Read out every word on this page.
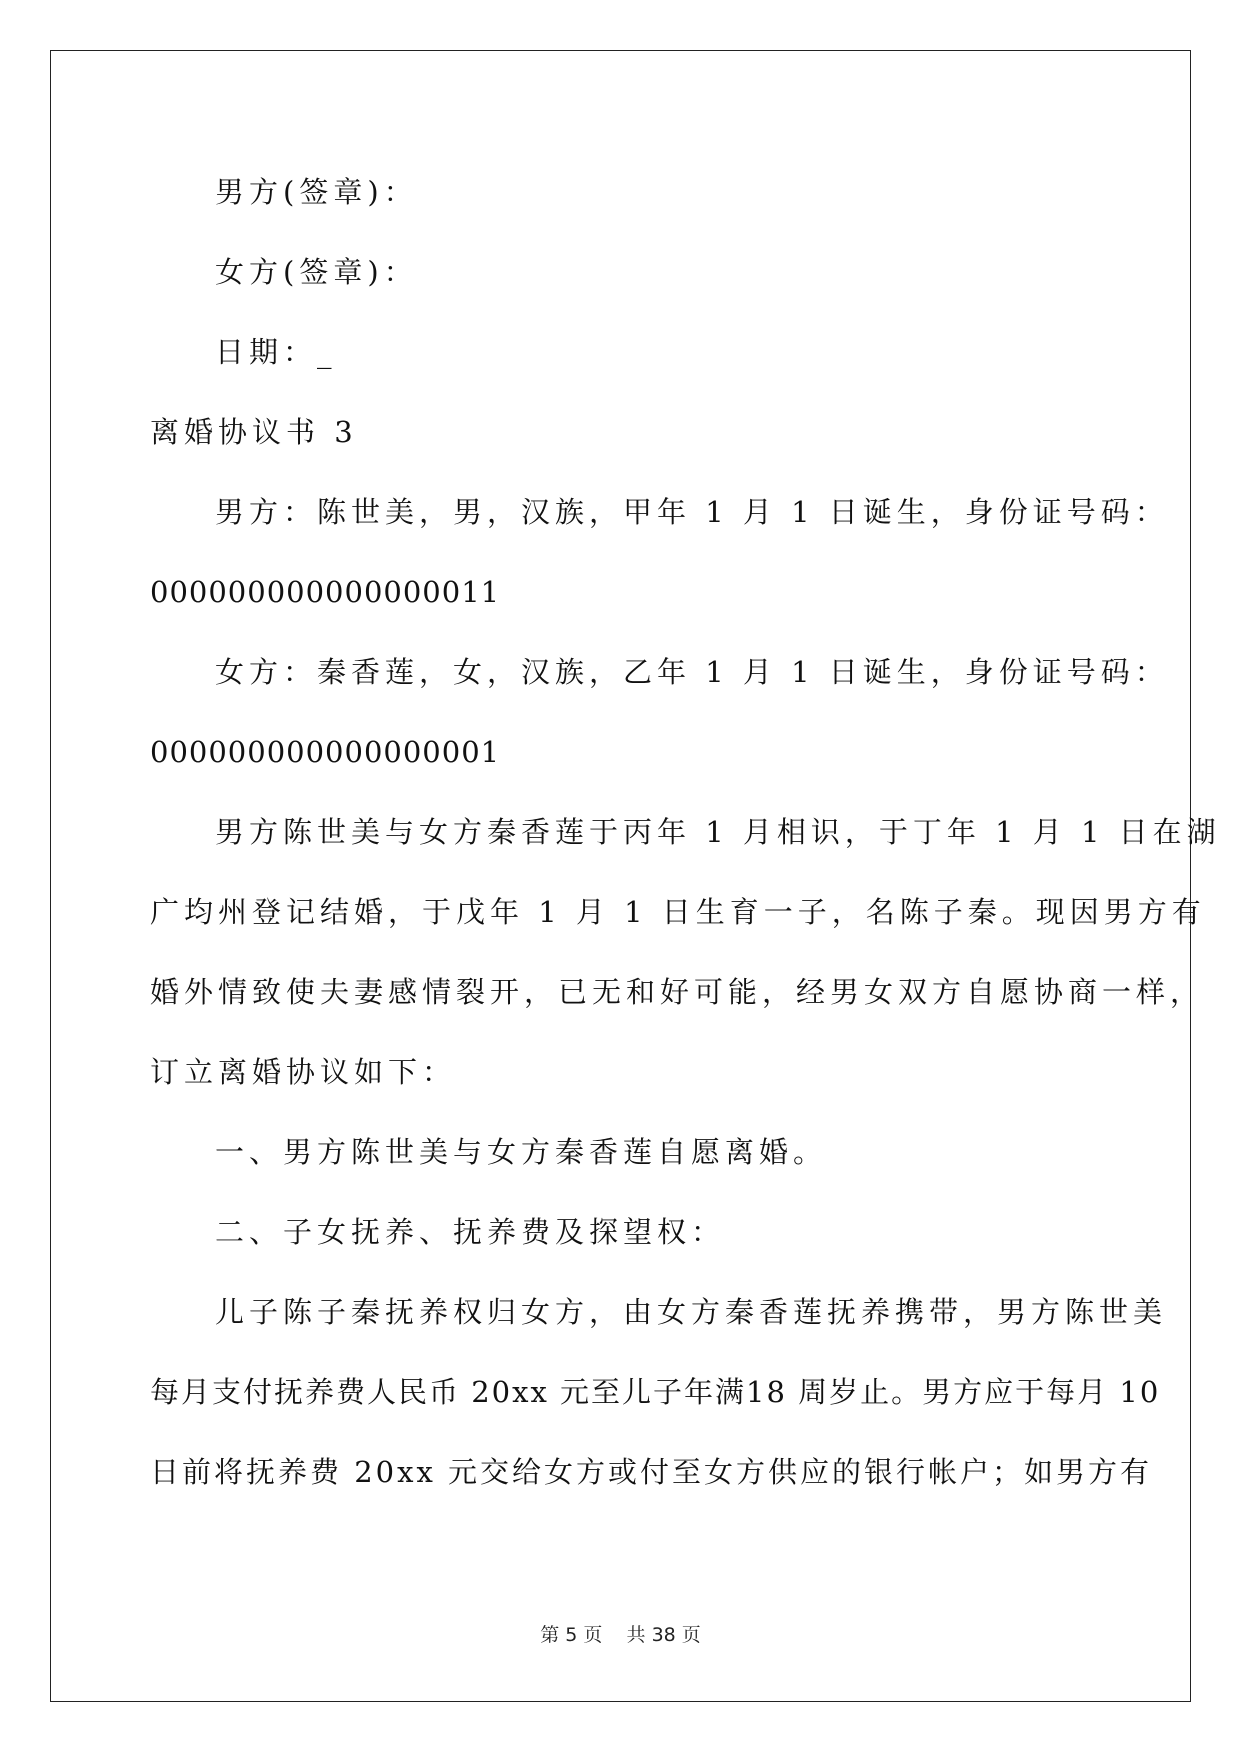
男方(签章)：
女方(签章)：
日期：_
离婚协议书 3
男方：陈世美，男，汉族，甲年 1 月 1 日诞生，身份证号码：
000000000000000011
女方：秦香莲，女，汉族，乙年 1 月 1 日诞生，身份证号码：
000000000000000001
男方陈世美与女方秦香莲于丙年 1 月相识，于丁年 1 月 1 日在湖
广均州登记结婚，于戊年 1 月 1 日生育一子，名陈子秦。现因男方有
婚外情致使夫妻感情裂开，已无和好可能，经男女双方自愿协商一样，
订立离婚协议如下：
一、男方陈世美与女方秦香莲自愿离婚。
二、子女抚养、抚养费及探望权：
儿子陈子秦抚养权归女方，由女方秦香莲抚养携带，男方陈世美
每月支付抚养费人民币 20xx 元至儿子年满18 周岁止。男方应于每月 10
日前将抚养费 20xx 元交给女方或付至女方供应的银行帐户；如男方有
第 5 页    共 38 页
